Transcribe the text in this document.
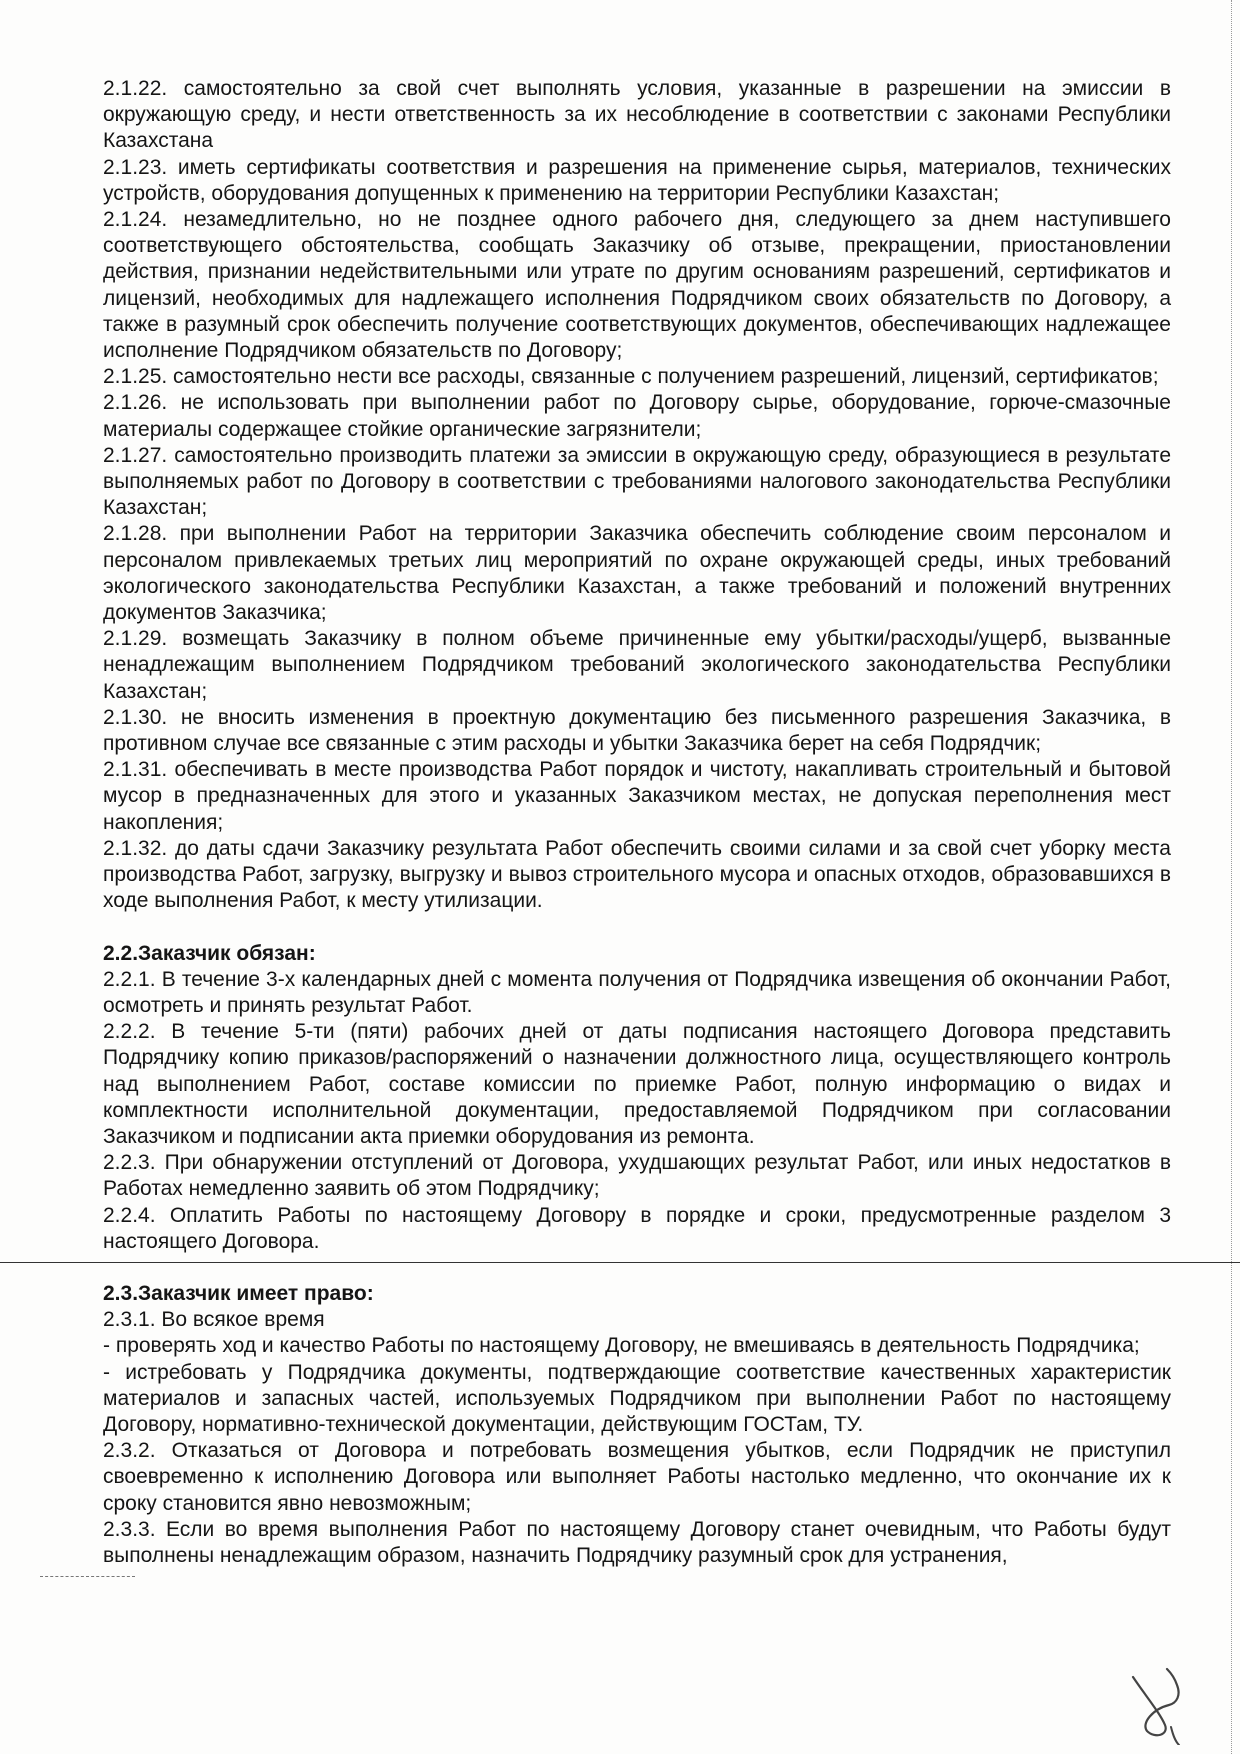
2.1.22. самостоятельно за свой счет выполнять условия, указанные в разрешении на эмиссии в окружающую среду, и нести ответственность за их несоблюдение в соответствии с законами Республики Казахстана

2.1.23. иметь сертификаты соответствия и разрешения на применение сырья, материалов, технических устройств, оборудования допущенных к применению на территории Республики Казахстан;

2.1.24. незамедлительно, но не позднее одного рабочего дня, следующего за днем наступившего соответствующего обстоятельства, сообщать Заказчику об отзыве, прекращении, приостановлении действия, признании недействительными или утрате по другим основаниям разрешений, сертификатов и лицензий, необходимых для надлежащего исполнения Подрядчиком своих обязательств по Договору, а также в разумный срок обеспечить получение соответствующих документов, обеспечивающих надлежащее исполнение Подрядчиком обязательств по Договору;

2.1.25. самостоятельно нести все расходы, связанные с получением разрешений, лицензий, сертификатов;

2.1.26. не использовать при выполнении работ по Договору сырье, оборудование, горюче-смазочные материалы содержащее стойкие органические загрязнители;

2.1.27. самостоятельно производить платежи за эмиссии в окружающую среду, образующиеся в результате выполняемых работ по Договору в соответствии с требованиями налогового законодательства Республики Казахстан;

2.1.28. при выполнении Работ на территории Заказчика обеспечить соблюдение своим персоналом и персоналом привлекаемых третьих лиц мероприятий по охране окружающей среды, иных требований экологического законодательства Республики Казахстан, а также требований и положений внутренних документов Заказчика;

2.1.29. возмещать Заказчику в полном объеме причиненные ему убытки/расходы/ущерб, вызванные ненадлежащим выполнением Подрядчиком требований экологического законодательства Республики Казахстан;

2.1.30. не вносить изменения в проектную документацию без письменного разрешения Заказчика, в противном случае все связанные с этим расходы и убытки Заказчика берет на себя Подрядчик;

2.1.31. обеспечивать в месте производства Работ порядок и чистоту, накапливать строительный и бытовой мусор в предназначенных для этого и указанных Заказчиком местах, не допуская переполнения мест накопления;

2.1.32. до даты сдачи Заказчику результата Работ обеспечить своими силами и за свой счет уборку места производства Работ, загрузку, выгрузку и вывоз строительного мусора и опасных отходов, образовавшихся в ходе выполнения Работ, к месту утилизации.

2.2.Заказчик обязан:

2.2.1. В течение 3-х календарных дней с момента получения от Подрядчика извещения об окончании Работ, осмотреть и принять результат Работ.

2.2.2. В течение 5-ти (пяти) рабочих дней от даты подписания настоящего Договора представить Подрядчику копию приказов/распоряжений о назначении должностного лица, осуществляющего контроль над выполнением Работ, составе комиссии по приемке Работ, полную информацию о видах и комплектности исполнительной документации, предоставляемой Подрядчиком при согласовании Заказчиком и подписании акта приемки оборудования из ремонта.

2.2.3. При обнаружении отступлений от Договора, ухудшающих результат Работ, или иных недостатков в Работах немедленно заявить об этом Подрядчику;

2.2.4. Оплатить Работы по настоящему Договору в порядке и сроки, предусмотренные разделом 3 настоящего Договора.

2.3.Заказчик имеет право:

2.3.1. Во всякое время

- проверять ход и качество Работы по настоящему Договору, не вмешиваясь в деятельность Подрядчика;

- истребовать у Подрядчика документы, подтверждающие соответствие качественных характеристик материалов и запасных частей, используемых Подрядчиком при выполнении Работ по настоящему Договору, нормативно-технической документации, действующим ГОСТам, ТУ.

2.3.2. Отказаться от Договора и потребовать возмещения убытков, если Подрядчик не приступил своевременно к исполнению Договора или выполняет Работы настолько медленно, что окончание их к сроку становится явно невозможным;

2.3.3. Если во время выполнения Работ по настоящему Договору станет очевидным, что Работы будут выполнены ненадлежащим образом, назначить Подрядчику разумный срок для устранения,
